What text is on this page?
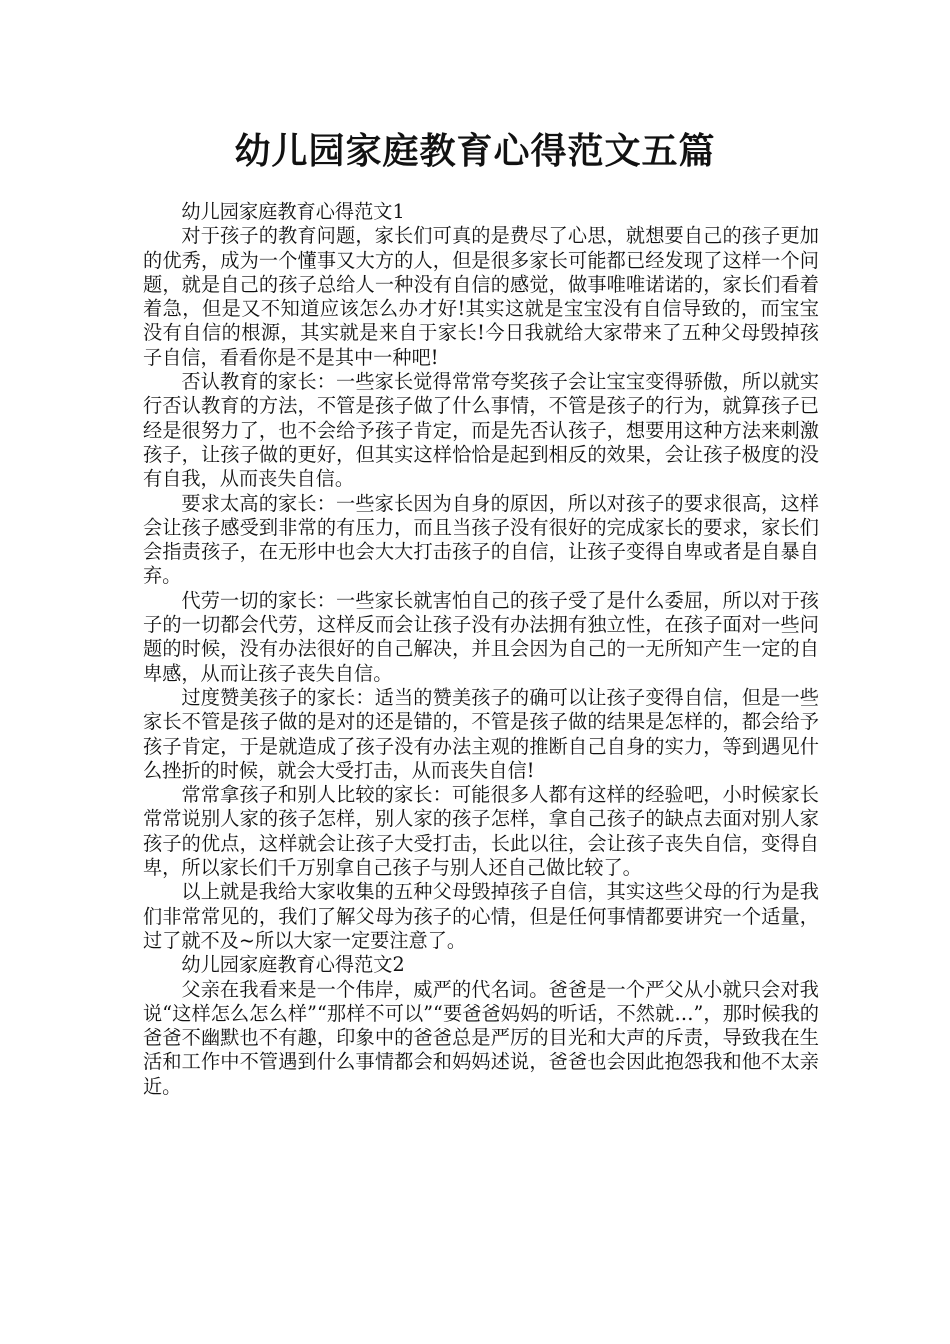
幼儿园家庭教育心得范文五篇

幼儿园家庭教育心得范文1

对于孩子的教育问题，家长们可真的是费尽了心思，就想要自己的孩子更加的优秀，成为一个懂事又大方的人，但是很多家长可能都已经发现了这样一个问题，就是自己的孩子总给人一种没有自信的感觉，做事唯唯诺诺的，家长们看着着急，但是又不知道应该怎么办才好!其实这就是宝宝没有自信导致的，而宝宝没有自信的根源，其实就是来自于家长!今日我就给大家带来了五种父母毁掉孩子自信，看看你是不是其中一种吧!

否认教育的家长：一些家长觉得常常夸奖孩子会让宝宝变得骄傲，所以就实行否认教育的方法，不管是孩子做了什么事情，不管是孩子的行为，就算孩子已经是很努力了，也不会给予孩子肯定，而是先否认孩子，想要用这种方法来刺激孩子，让孩子做的更好，但其实这样恰恰是起到相反的效果，会让孩子极度的没有自我，从而丧失自信。

要求太高的家长：一些家长因为自身的原因，所以对孩子的要求很高，这样会让孩子感受到非常的有压力，而且当孩子没有很好的完成家长的要求，家长们会指责孩子，在无形中也会大大打击孩子的自信，让孩子变得自卑或者是自暴自弃。

代劳一切的家长：一些家长就害怕自己的孩子受了是什么委屈，所以对于孩子的一切都会代劳，这样反而会让孩子没有办法拥有独立性，在孩子面对一些问题的时候，没有办法很好的自己解决，并且会因为自己的一无所知产生一定的自卑感，从而让孩子丧失自信。

过度赞美孩子的家长：适当的赞美孩子的确可以让孩子变得自信，但是一些家长不管是孩子做的是对的还是错的，不管是孩子做的结果是怎样的，都会给予孩子肯定，于是就造成了孩子没有办法主观的推断自己自身的实力，等到遇见什么挫折的时候，就会大受打击，从而丧失自信!

常常拿孩子和别人比较的家长：可能很多人都有这样的经验吧，小时候家长常常说别人家的孩子怎样，别人家的孩子怎样，拿自己孩子的缺点去面对别人家孩子的优点，这样就会让孩子大受打击，长此以往，会让孩子丧失自信，变得自卑，所以家长们千万别拿自己孩子与别人还自己做比较了。

以上就是我给大家收集的五种父母毁掉孩子自信，其实这些父母的行为是我们非常常见的，我们了解父母为孩子的心情，但是任何事情都要讲究一个适量，过了就不及~所以大家一定要注意了。

幼儿园家庭教育心得范文2

父亲在我看来是一个伟岸，威严的代名词。爸爸是一个严父从小就只会对我说“这样怎么怎么样”“那样不可以”“要爸爸妈妈的听话，不然就…”，那时候我的爸爸不幽默也不有趣，印象中的爸爸总是严厉的目光和大声的斥责，导致我在生活和工作中不管遇到什么事情都会和妈妈述说，爸爸也会因此抱怨我和他不太亲近。
